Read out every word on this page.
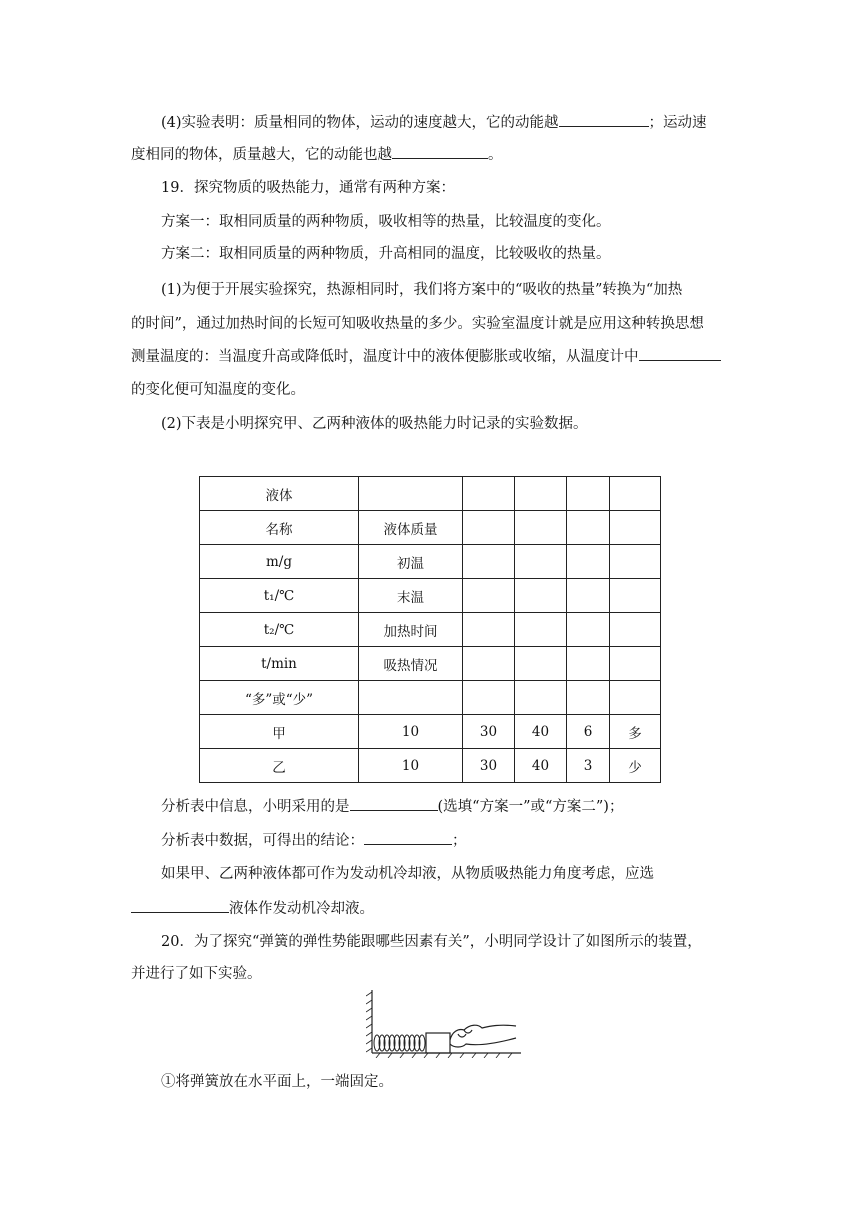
(4)实验表明：质量相同的物体，运动的速度越大，它的动能越	；运动速
度相同的物体，质量越大，它的动能也越	。
19．探究物质的吸热能力，通常有两种方案：
方案一：取相同质量的两种物质，吸收相等的热量，比较温度的变化。
方案二：取相同质量的两种物质，升高相同的温度，比较吸收的热量。
(1)为便于开展实验探究，热源相同时，我们将方案中的“吸收的热量”转换为“加热
的时间”，通过加热时间的长短可知吸收热量的多少。实验室温度计就是应用这种转换思想
测量温度的：当温度升高或降低时，温度计中的液体便膨胀或收缩，从温度计中
的变化便可知温度的变化。
(2)下表是小明探究甲、乙两种液体的吸热能力时记录的实验数据。
液体					
名称	液体质量				
m/g	初温				
t₁/℃	末温				
t₂/℃	加热时间				
t/min	吸热情况				
“多”或“少”					
甲	10	30	40	6	多
乙	10	30	40	3	少
分析表中信息，小明采用的是	(选填“方案一”或“方案二”)；
分析表中数据，可得出的结论：	；
如果甲、乙两种液体都可作为发动机冷却液，从物质吸热能力角度考虑，应选
液体作发动机冷却液。
20．为了探究“弹簧的弹性势能跟哪些因素有关”，小明同学设计了如图所示的装置，
并进行了如下实验。
①将弹簧放在水平面上，一端固定。
